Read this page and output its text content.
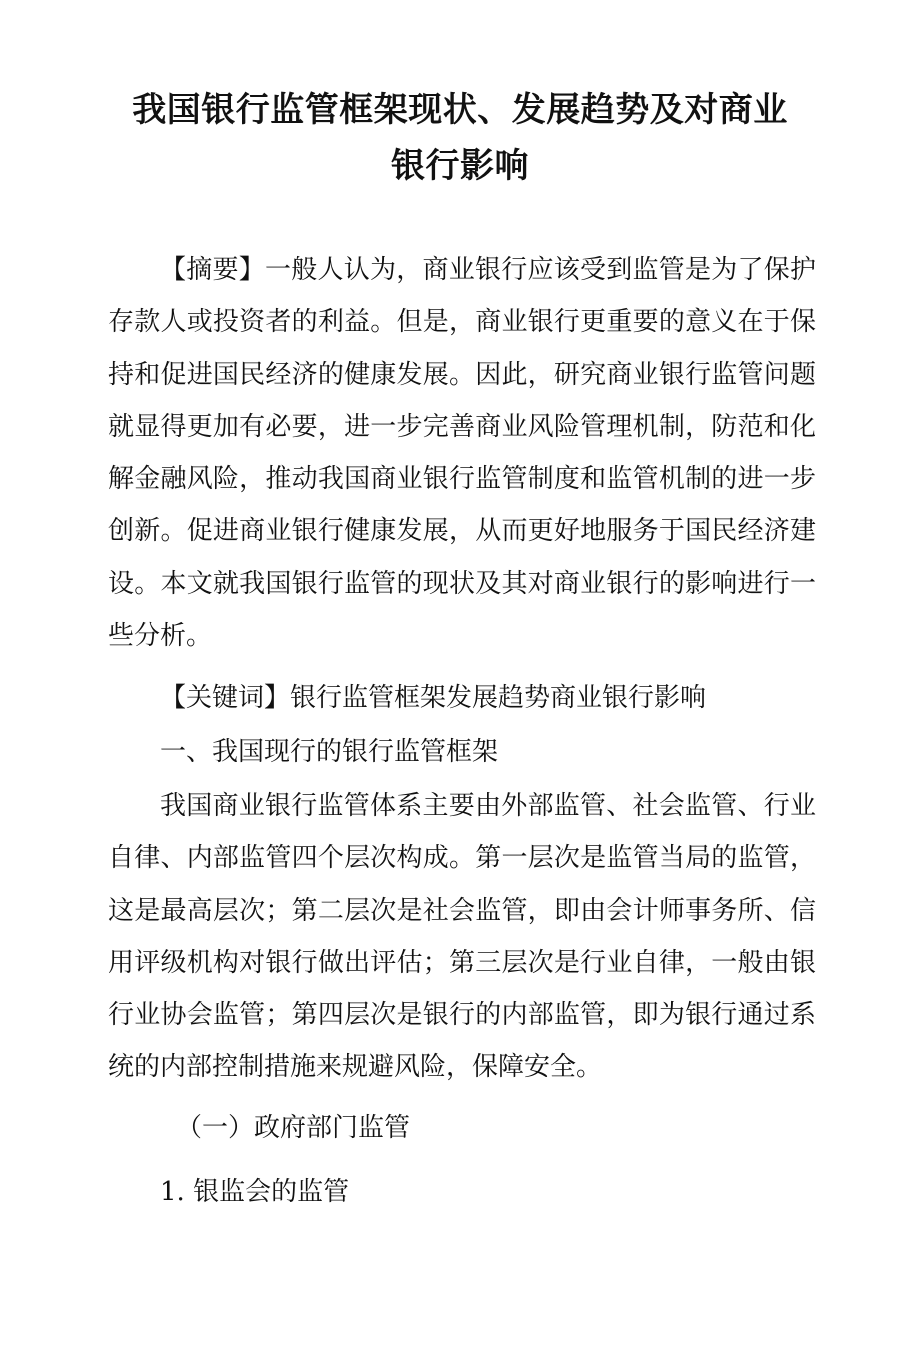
我国银行监管框架现状、发展趋势及对商业
银行影响

【摘要】一般人认为，商业银行应该受到监管是为了保护存款人或投资者的利益。但是，商业银行更重要的意义在于保持和促进国民经济的健康发展。因此，研究商业银行监管问题就显得更加有必要，进一步完善商业风险管理机制，防范和化解金融风险，推动我国商业银行监管制度和监管机制的进一步创新。促进商业银行健康发展，从而更好地服务于国民经济建设。本文就我国银行监管的现状及其对商业银行的影响进行一些分析。

【关键词】银行监管框架发展趋势商业银行影响

一、我国现行的银行监管框架

我国商业银行监管体系主要由外部监管、社会监管、行业自律、内部监管四个层次构成。第一层次是监管当局的监管，这是最高层次；第二层次是社会监管，即由会计师事务所、信用评级机构对银行做出评估；第三层次是行业自律，一般由银行业协会监管；第四层次是银行的内部监管，即为银行通过系统的内部控制措施来规避风险，保障安全。

（一）政府部门监管

1. 银监会的监管
